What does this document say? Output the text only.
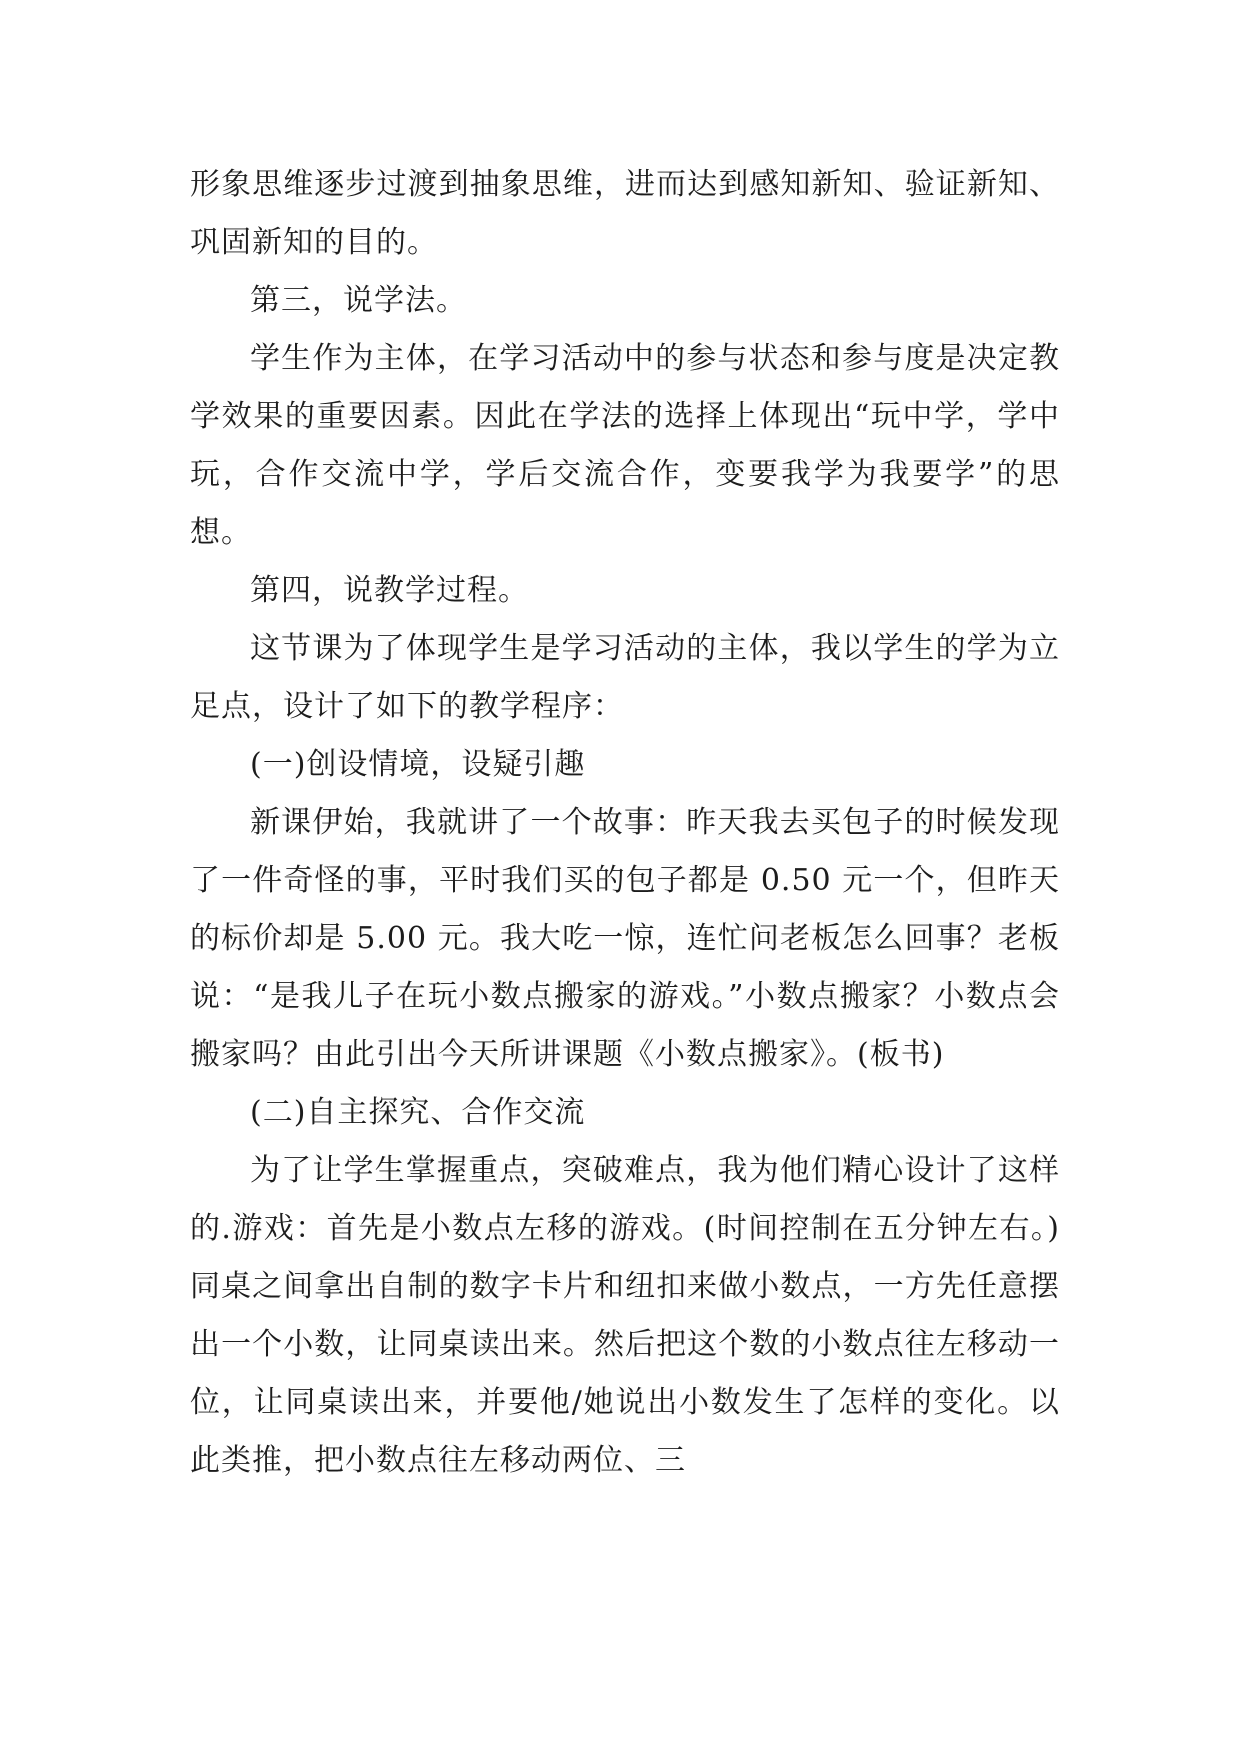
形象思维逐步过渡到抽象思维，进而达到感知新知、验证新知、巩固新知的目的。

第三，说学法。

学生作为主体，在学习活动中的参与状态和参与度是决定教学效果的重要因素。因此在学法的选择上体现出“玩中学，学中玩，合作交流中学，学后交流合作，变要我学为我要学”的思想。

第四，说教学过程。

这节课为了体现学生是学习活动的主体，我以学生的学为立足点，设计了如下的教学程序：

(一)创设情境，设疑引趣

新课伊始，我就讲了一个故事：昨天我去买包子的时候发现了一件奇怪的事，平时我们买的包子都是 0.50 元一个，但昨天的标价却是 5.00 元。我大吃一惊，连忙问老板怎么回事？老板说：“是我儿子在玩小数点搬家的游戏。”小数点搬家？小数点会搬家吗？由此引出今天所讲课题《小数点搬家》。(板书)

(二)自主探究、合作交流

为了让学生掌握重点，突破难点，我为他们精心设计了这样的.游戏：首先是小数点左移的游戏。(时间控制在五分钟左右。)同桌之间拿出自制的数字卡片和纽扣来做小数点，一方先任意摆出一个小数，让同桌读出来。然后把这个数的小数点往左移动一位，让同桌读出来，并要他/她说出小数发生了怎样的变化。以此类推，把小数点往左移动两位、三
